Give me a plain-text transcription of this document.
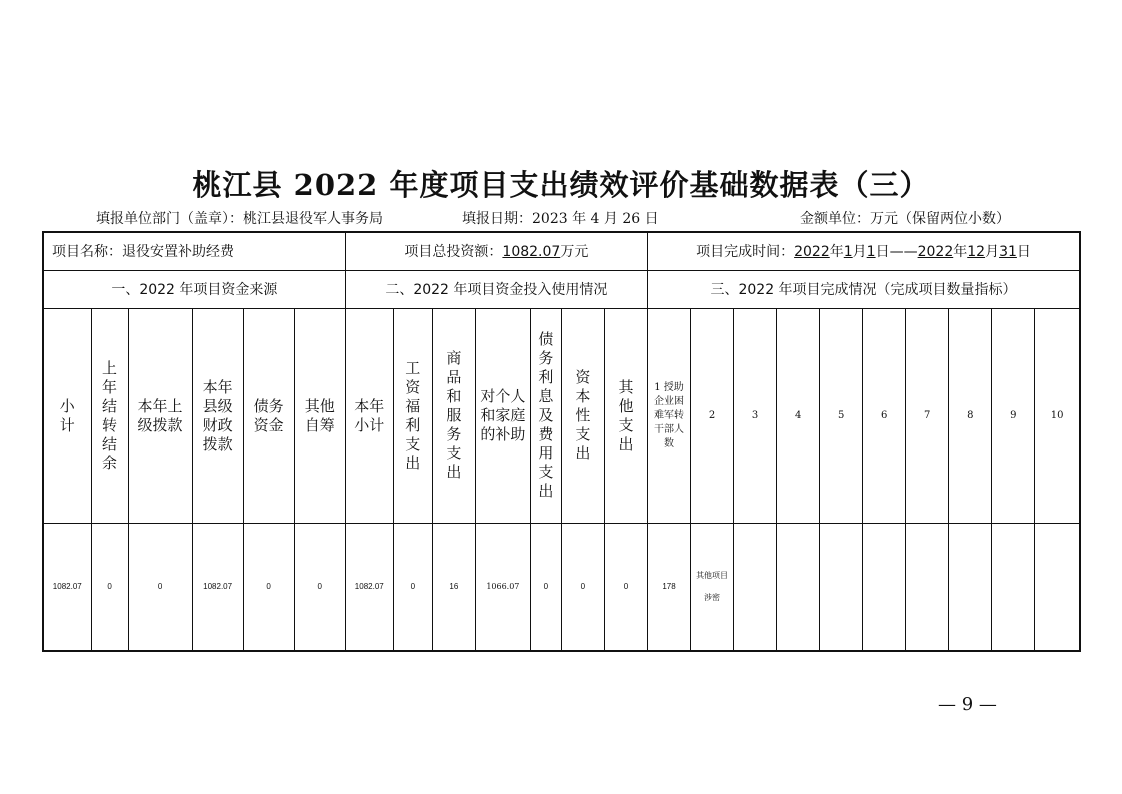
桃江县 2022 年度项目支出绩效评价基础数据表（三）
填报单位部门（盖章）：桃江县退役军人事务局	填报日期：2023 年 4 月 26 日	金额单位：万元（保留两位小数）
项目名称：退役安置补助经费						项目总投资额：1082.07万元							项目完成时间：2022年1月1日——2022年12月31日									
一、2022 年项目资金来源						二、2022 年项目资金投入使用情况							三、2022 年项目完成情况（完成项目数量指标）									
小计	上年结转结余	本年上级拨款	本年县级财政拨款	债务资金	其他自筹	本年小计	工资福利支出	商品和服务支出	对个人和家庭的补助	债务利息及费用支出	资本性支出	其他支出	1 授助企业困难军转干部人数	2	3	4	5	6	7	8	9	10
1082.07	0	0	1082.07	0	0	1082.07	0	16	1066.07	0	0	0	178	其他项目涉密								
— 9 —
